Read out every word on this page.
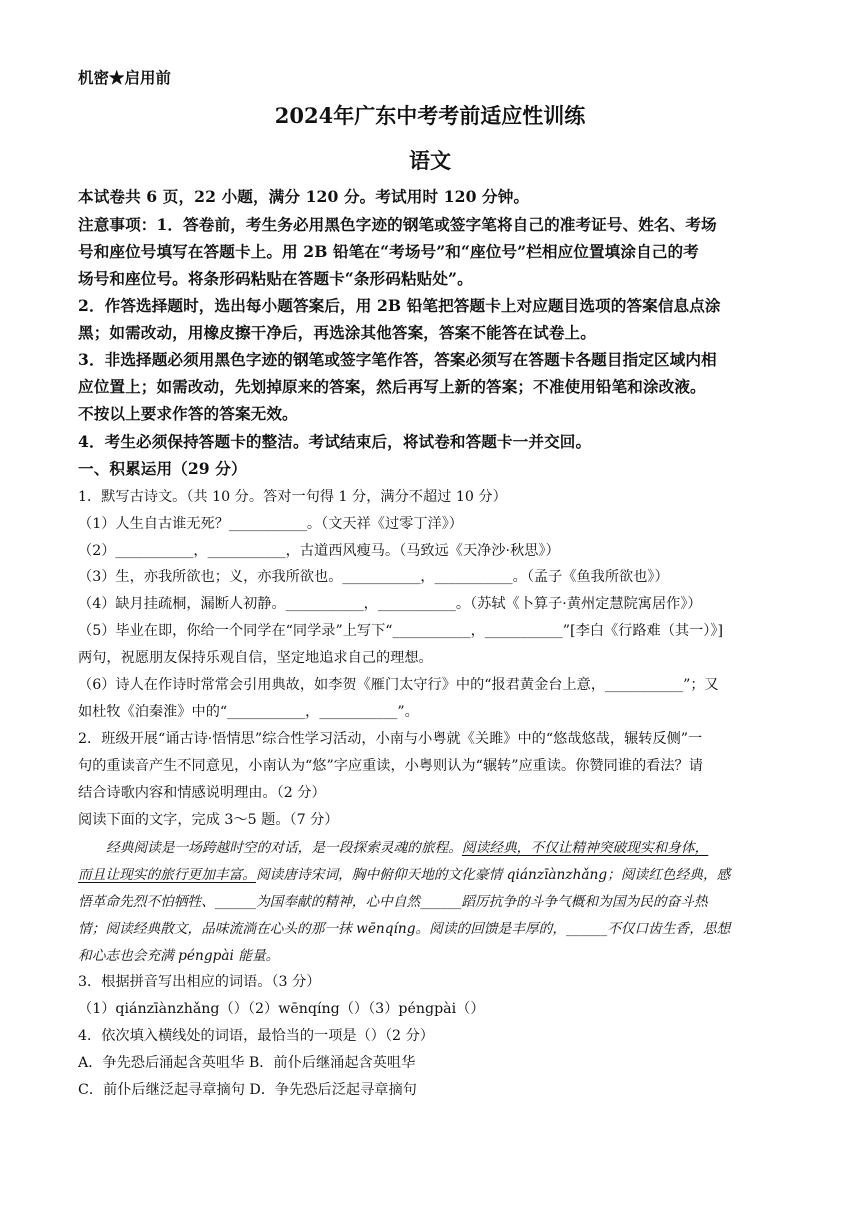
机密★启用前
2024年广东中考考前适应性训练
语文
本试卷共 6 页，22 小题，满分 120 分。考试用时 120 分钟。
注意事项：1．答卷前，考生务必用黑色字迹的钢笔或签字笔将自己的准考证号、姓名、考场
号和座位号填写在答题卡上。用 2B 铅笔在“考场号”和“座位号”栏相应位置填涂自己的考
场号和座位号。将条形码粘贴在答题卡“条形码粘贴处”。
2．作答选择题时，选出每小题答案后，用 2B 铅笔把答题卡上对应题目选项的答案信息点涂
黑；如需改动，用橡皮擦干净后，再选涂其他答案，答案不能答在试卷上。
3．非选择题必须用黑色字迹的钢笔或签字笔作答，答案必须写在答题卡各题目指定区域内相
应位置上；如需改动，先划掉原来的答案，然后再写上新的答案；不准使用铅笔和涂改液。
不按以上要求作答的答案无效。
4．考生必须保持答题卡的整洁。考试结束后，将试卷和答题卡一并交回。
一、积累运用（29 分）
1．默写古诗文。（共 10 分。答对一句得 1 分，满分不超过 10 分）
（1）人生自古谁无死？___________。（文天祥《过零丁洋》）
（2）___________，___________，古道西风瘦马。（马致远《天净沙·秋思》）
（3）生，亦我所欲也；义，亦我所欲也。___________，___________。（孟子《鱼我所欲也》）
（4）缺月挂疏桐，漏断人初静。___________，___________。（苏轼《卜算子·黄州定慧院寓居作》）
（5）毕业在即，你给一个同学在“同学录”上写下“___________，___________”[李白《行路难（其一）》]
两句，祝愿朋友保持乐观自信，坚定地追求自己的理想。
（6）诗人在作诗时常常会引用典故，如李贺《雁门太守行》中的“报君黄金台上意，___________”；又
如杜牧《泊秦淮》中的“___________，___________”。
2．班级开展“诵古诗·悟情思”综合性学习活动，小南与小粤就《关雎》中的“悠哉悠哉，辗转反侧”一
句的重读音产生不同意见，小南认为“悠”字应重读，小粤则认为“辗转”应重读。你赞同谁的看法？请
结合诗歌内容和情感说明理由。（2 分）
阅读下面的文字，完成 3～5 题。（7 分）
经典阅读是一场跨越时空的对话，是一段探索灵魂的旅程。阅读经典，不仅让精神突破现实和身体，
而且让现实的旅行更加丰富。阅读唐诗宋词，胸中俯仰天地的文化豪情 qiánzīànzhǎng；阅读红色经典，感
悟革命先烈不怕牺牲、______为国奉献的精神，心中自然______蹈厉抗争的斗争气概和为国为民的奋斗热
情；阅读经典散文，品味流淌在心头的那一抹 wēnqíng。阅读的回馈是丰厚的，______不仅口齿生香，思想
和心志也会充满 péngpài 能量。
3．根据拼音写出相应的词语。（3 分）
（1）qiánzīànzhǎng（）（2）wēnqíng（）（3）péngpài（）
4．依次填入横线处的词语，最恰当的一项是（）（2 分）
A．争先恐后涌起含英咀华 B．前仆后继涌起含英咀华
C．前仆后继泛起寻章摘句 D．争先恐后泛起寻章摘句
